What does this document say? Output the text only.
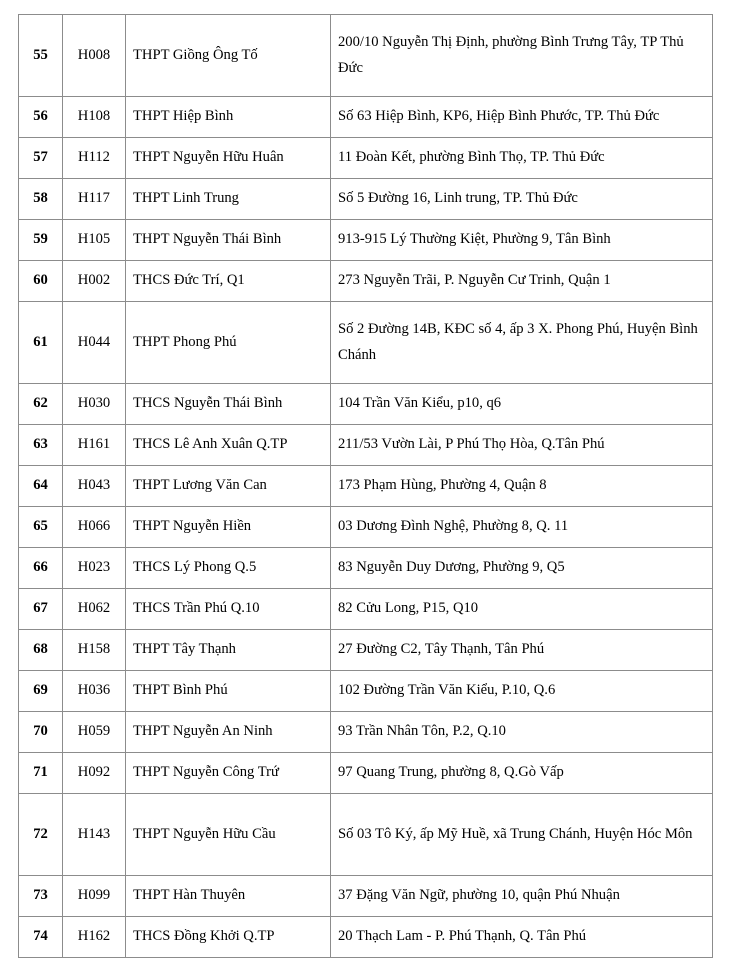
55	H008	THPT Giồng Ông Tố	200/10 Nguyễn Thị Định, phường Bình Trưng Tây, TP Thủ Đức
56	H108	THPT Hiệp Bình	Số 63 Hiệp Bình, KP6, Hiệp Bình Phước, TP. Thủ Đức
57	H112	THPT Nguyễn Hữu Huân	11 Đoàn Kết, phường Bình Thọ, TP. Thủ Đức
58	H117	THPT Linh Trung	Số 5 Đường 16, Linh trung, TP. Thủ Đức
59	H105	THPT Nguyễn Thái Bình	913-915 Lý Thường Kiệt, Phường 9, Tân Bình
60	H002	THCS Đức Trí, Q1	273 Nguyễn Trãi, P. Nguyễn Cư Trinh, Quận 1
61	H044	THPT Phong Phú	Số 2 Đường 14B, KĐC số 4, ấp 3 X. Phong Phú, Huyện Bình Chánh
62	H030	THCS Nguyễn Thái Bình	104 Trần Văn Kiểu, p10, q6
63	H161	THCS Lê Anh Xuân Q.TP	211/53 Vườn Lài, P Phú Thọ Hòa, Q.Tân Phú
64	H043	THPT Lương Văn Can	173 Phạm Hùng, Phường 4, Quận 8
65	H066	THPT Nguyễn Hiền	03 Dương Đình Nghệ, Phường 8, Q. 11
66	H023	THCS Lý Phong Q.5	83 Nguyễn Duy Dương, Phường 9, Q5
67	H062	THCS Trần Phú Q.10	82 Cửu Long, P15, Q10
68	H158	THPT Tây Thạnh	27 Đường C2, Tây Thạnh, Tân Phú
69	H036	THPT Bình Phú	102 Đường Trần Văn Kiểu, P.10, Q.6
70	H059	THPT Nguyễn An Ninh	93 Trần Nhân Tôn, P.2, Q.10
71	H092	THPT Nguyễn Công Trứ	97 Quang Trung, phường 8, Q.Gò Vấp
72	H143	THPT Nguyễn Hữu Cầu	Số 03 Tô Ký, ấp Mỹ Huề, xã Trung Chánh, Huyện Hóc Môn
73	H099	THPT Hàn Thuyên	37 Đặng Văn Ngữ, phường 10, quận Phú Nhuận
74	H162	THCS Đồng Khởi Q.TP	20 Thạch Lam - P. Phú Thạnh, Q. Tân Phú
